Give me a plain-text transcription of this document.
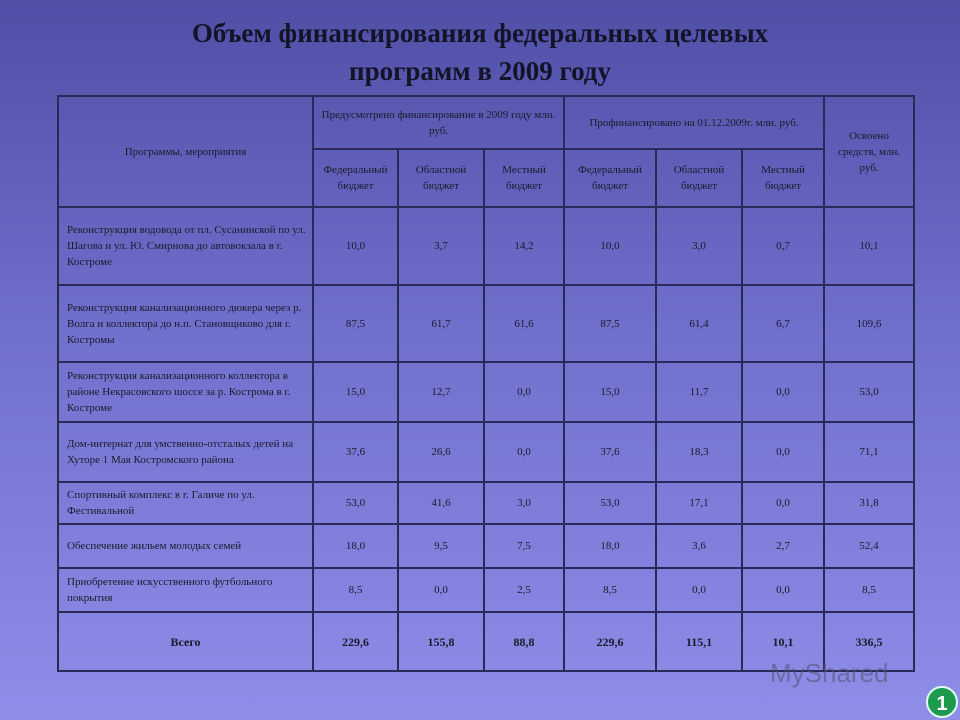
Объем финансирования федеральных целевых
программ в 2009 году
Программы, мероприятия	Предусмотрено финансирование в 2009 году млн. руб.			Профинансировано на 01.12.2009г. млн. руб.			Освоено средств, млн. руб.
	Федеральный бюджет	Областной бюджет	Местный бюджет	Федеральный бюджет	Областной бюджет	Местный бюджет	
Реконструкция водовода от пл. Сусанинской по ул. Шагова и ул. Ю. Смирнова до автовокзала в г. Костроме	10,0	3,7	14,2	10,0	3,0	0,7	10,1
Реконструкция канализационного дюкера через р. Волга и коллектора до н.п. Становщиково для г. Костромы	87,5	61,7	61,6	87,5	61,4	6,7	109,6
Реконструкция канализационного коллектора в районе Некрасовского шоссе за р. Кострома в г. Костроме	15,0	12,7	0,0	15,0	11,7	0,0	53,0
Дом-интернат для умственно-отсталых детей на Хуторе 1 Мая Костромского района	37,6	26,6	0,0	37,6	18,3	0,0	71,1
Спортивный комплекс в г. Галиче по ул. Фестивальной	53,0	41,6	3,0	53,0	17,1	0,0	31,8
Обеспечение жильем молодых семей	18,0	9,5	7,5	18,0	3,6	2,7	52,4
Приобретение искусственного футбольного покрытия	8,5	0,0	2,5	8,5	0,0	0,0	8,5
Всего	229,6	155,8	88,8	229,6	115,1	10,1	336,5
MyShared
1
